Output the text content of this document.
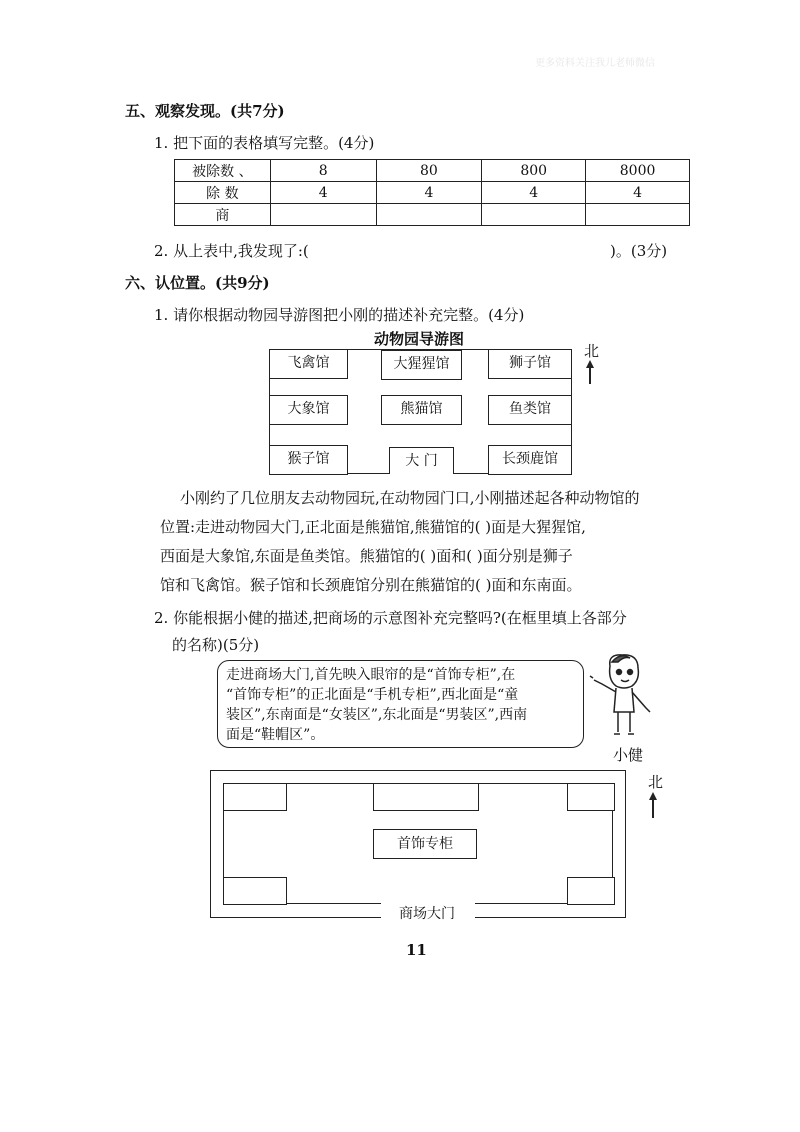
更多资料关注我儿老师微信
五、观察发现。(共7分)
1. 把下面的表格填写完整。(4分)
被除数 、	8	80	800	8000
除 数	4	4	4	4
商				
2. 从上表中,我发现了:(	)。(3分)
六、认位置。(共9分)
1. 请你根据动物园导游图把小刚的描述补充完整。(4分)
动物园导游图
飞禽馆	大猩猩馆	狮子馆
大象馆	熊猫馆	鱼类馆
猴子馆	大 门	长颈鹿馆
北
小刚约了几位朋友去动物园玩,在动物园门口,小刚描述起各种动物馆的
位置:走进动物园大门,正北面是熊猫馆,熊猫馆的( )面是大猩猩馆,
西面是大象馆,东面是鱼类馆。熊猫馆的( )面和( )面分别是狮子
馆和飞禽馆。猴子馆和长颈鹿馆分别在熊猫馆的( )面和东南面。
2. 你能根据小健的描述,把商场的示意图补充完整吗?(在框里填上各部分
的名称)(5分)
走进商场大门,首先映入眼帘的是“首饰专柜”,在
“首饰专柜”的正北面是“手机专柜”,西北面是“童
装区”,东南面是“女装区”,东北面是“男装区”,西南
面是“鞋帽区”。
小健
首饰专柜
商场大门
北
11
